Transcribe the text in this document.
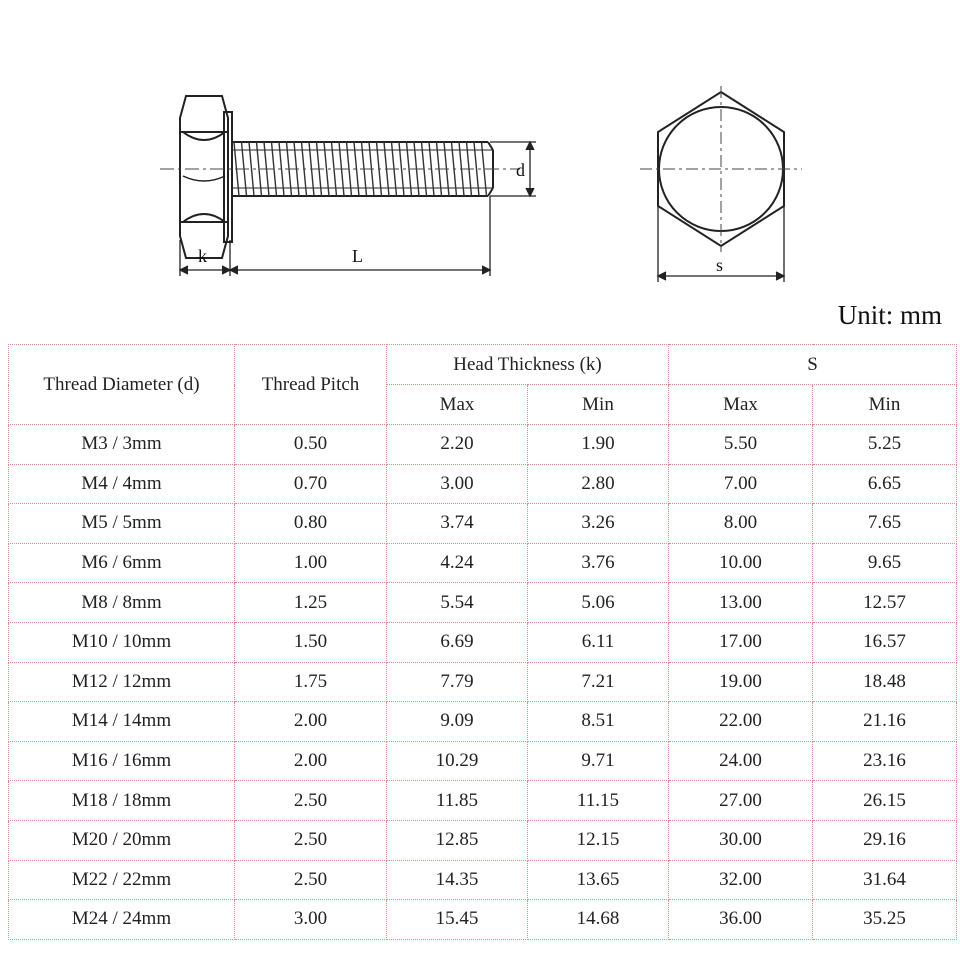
d
k	L	s
Unit: mm
Thread Diameter (d)	Thread Pitch	Head Thickness (k)		S	
		Max	Min	Max	Min
M3 / 3mm	0.50	2.20	1.90	5.50	5.25
M4 / 4mm	0.70	3.00	2.80	7.00	6.65
M5 / 5mm	0.80	3.74	3.26	8.00	7.65
M6 / 6mm	1.00	4.24	3.76	10.00	9.65
M8 / 8mm	1.25	5.54	5.06	13.00	12.57
M10 / 10mm	1.50	6.69	6.11	17.00	16.57
M12 / 12mm	1.75	7.79	7.21	19.00	18.48
M14 / 14mm	2.00	9.09	8.51	22.00	21.16
M16 / 16mm	2.00	10.29	9.71	24.00	23.16
M18 / 18mm	2.50	11.85	11.15	27.00	26.15
M20 / 20mm	2.50	12.85	12.15	30.00	29.16
M22 / 22mm	2.50	14.35	13.65	32.00	31.64
M24 / 24mm	3.00	15.45	14.68	36.00	35.25
